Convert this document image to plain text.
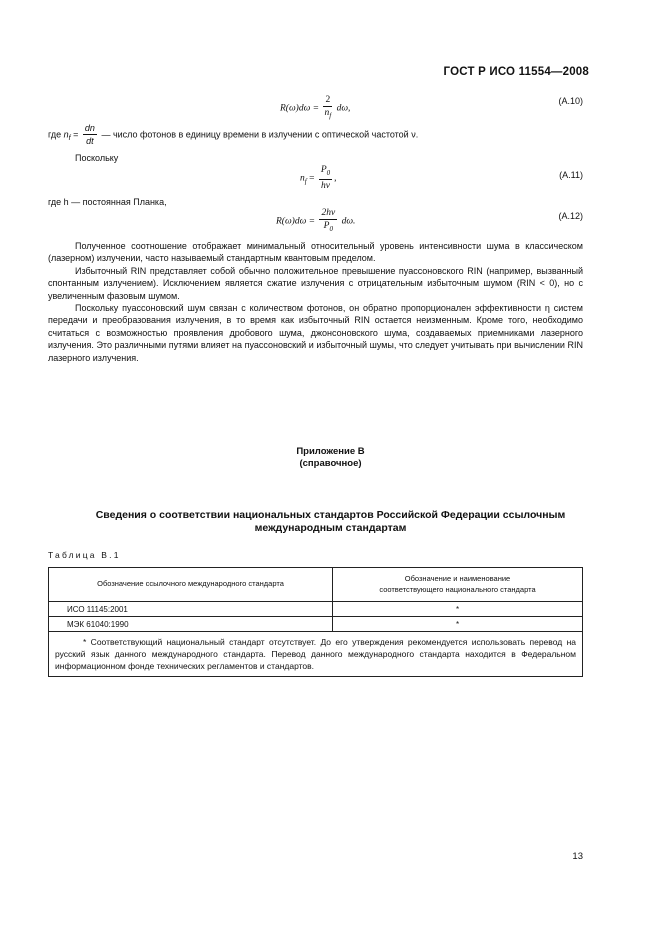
ГОСТ Р ИСО 11554—2008
$R(\omega)d\omega = \frac{2}{n_f} d\omega$,
(А.10)
где $n_f = \frac{dn}{dt}$ — число фотонов в единицу времени в излучении с оптической частотой ν.
Поскольку
$n_f = \frac{P_0}{h\nu}$ ,	(А.11)
где h — постоянная Планка,
$R(\omega)d\omega = \frac{2h\nu}{P_0} d\omega$.
(А.12)

Полученное соотношение отображает минимальный относительный уровень интенсивности шума в классическом (лазерном) излучении, часто называемый стандартным квантовым пределом.

Избыточный RIN представляет собой обычно положительное превышение пуассоновского RIN (например, вызванный спонтанным излучением). Исключением является сжатие излучения с отрицательным избыточным шумом (RIN < 0), но с увеличенным фазовым шумом.

Поскольку пуассоновский шум связан с количеством фотонов, он обратно пропорционален эффективности η систем передачи и преобразования излучения, в то время как избыточный RIN остается неизменным. Кроме того, необходимо считаться с возможностью проявления дробового шума, джонсоновского шума, создаваемых приемниками лазерного излучения. Это различными путями влияет на пуассоновский и избыточный шумы, что следует учитывать при вычислении RIN лазерного излучения.

Приложение В
(справочное)
Сведения о соответствии национальных стандартов Российской Федерации ссылочным международным стандартам
Таблица В.1
Обозначение ссылочного международного стандарта	Обозначение и наименование соответствующего национального стандарта
ИСО 11145:2001	*
МЭК 61040:1990	*
* Соответствующий национальный стандарт отсутствует. До его утверждения рекомендуется использовать перевод на русский язык данного международного стандарта. Перевод данного международного стандарта находится в Федеральном информационном фонде технических регламентов и стандартов.	
13
